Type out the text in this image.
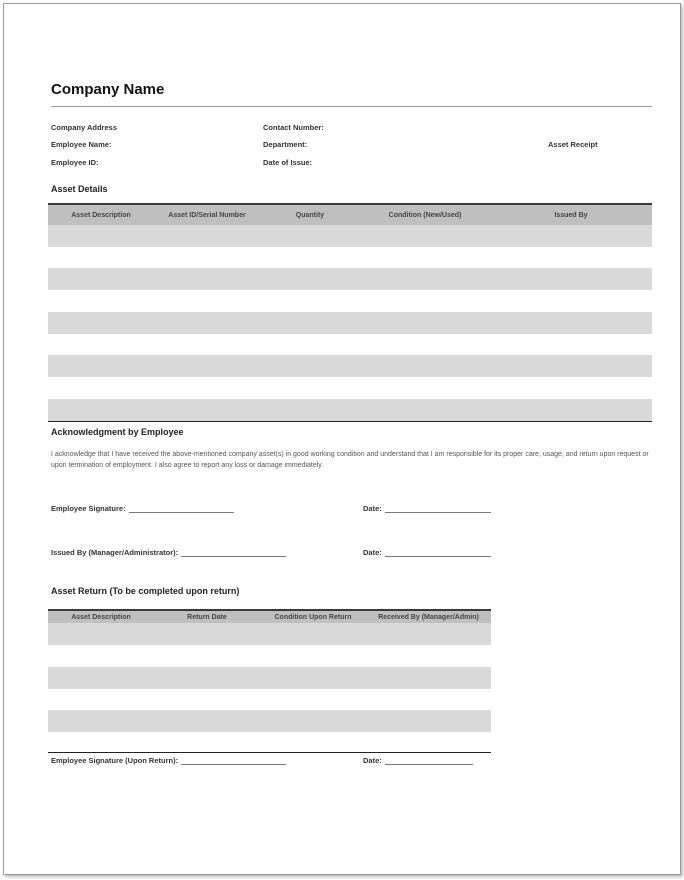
Company Name
Company Address	Contact Number:
Employee Name:	Department:	Asset Receipt
Employee ID:	Date of Issue:
Asset Details
Asset Description	Asset ID/Serial Number	Quantity	Condition (New/Used)	Issued By
Acknowledgment by Employee
I acknowledge that I have received the above-mentioned company asset(s) in good working condition and understand that I am responsible for its proper care, usage, and return upon request or upon termination of employment. I also agree to report any loss or damage immediately.
Employee Signature:	Date:
Issued By (Manager/Administrator):	Date:
Asset Return (To be completed upon return)
Asset Description	Return Date	Condition Upon Return	Received By (Manager/Admin)
Employee Signature (Upon Return):	Date:
